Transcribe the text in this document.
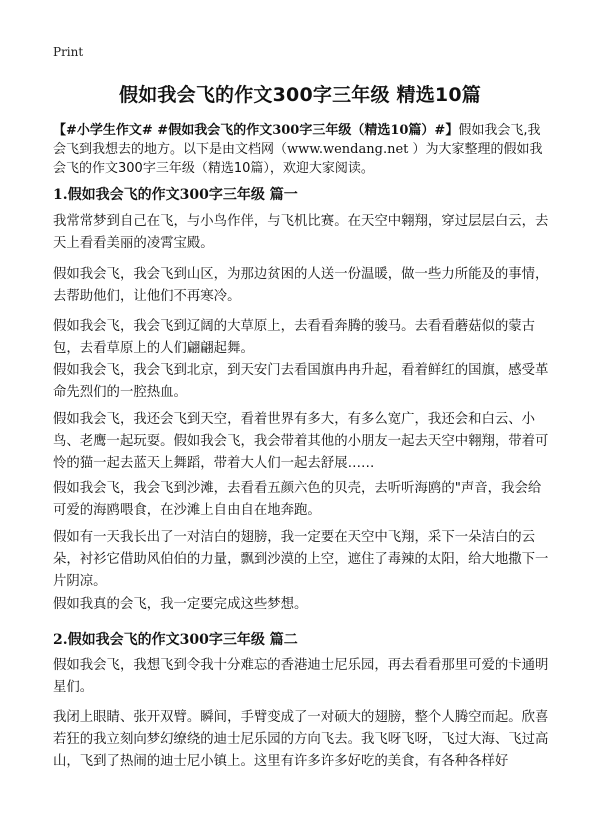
Print
假如我会飞的作文300字三年级 精选10篇
【#小学生作文# #假如我会飞的作文300字三年级（精选10篇）#】假如我会飞,我会飞到我想去的地方。以下是由文档网（www.wendang.net ）为大家整理的假如我会飞的作文300字三年级（精选10篇），欢迎大家阅读。
1.假如我会飞的作文300字三年级 篇一
我常常梦到自己在飞，与小鸟作伴，与飞机比赛。在天空中翱翔，穿过层层白云，去天上看看美丽的凌霄宝殿。
假如我会飞，我会飞到山区，为那边贫困的人送一份温暖，做一些力所能及的事情，去帮助他们，让他们不再寒冷。
假如我会飞，我会飞到辽阔的大草原上，去看看奔腾的骏马。去看看蘑菇似的蒙古包，去看草原上的人们翩翩起舞。
假如我会飞，我会飞到北京，到天安门去看国旗冉冉升起，看着鲜红的国旗，感受革命先烈们的一腔热血。
假如我会飞，我还会飞到天空，看着世界有多大，有多么宽广，我还会和白云、小鸟、老鹰一起玩耍。假如我会飞，我会带着其他的小朋友一起去天空中翱翔，带着可怜的猫一起去蓝天上舞蹈，带着大人们一起去舒展……
假如我会飞，我会飞到沙滩，去看看五颜六色的贝壳，去听听海鸥的"声音，我会给可爱的海鸥喂食，在沙滩上自由自在地奔跑。
假如有一天我长出了一对洁白的翅膀，我一定要在天空中飞翔，采下一朵洁白的云朵，衬衫它借助风伯伯的力量，飘到沙漠的上空，遮住了毒辣的太阳，给大地撒下一片阴凉。
假如我真的会飞，我一定要完成这些梦想。
2.假如我会飞的作文300字三年级 篇二
假如我会飞，我想飞到令我十分难忘的香港迪士尼乐园，再去看看那里可爱的卡通明星们。
我闭上眼睛、张开双臂。瞬间，手臂变成了一对硕大的翅膀，整个人腾空而起。欣喜若狂的我立刻向梦幻缭绕的迪士尼乐园的方向飞去。我飞呀飞呀，飞过大海、飞过高山，飞到了热闹的迪士尼小镇上。这里有许多许多好吃的美食，有各种各样好
